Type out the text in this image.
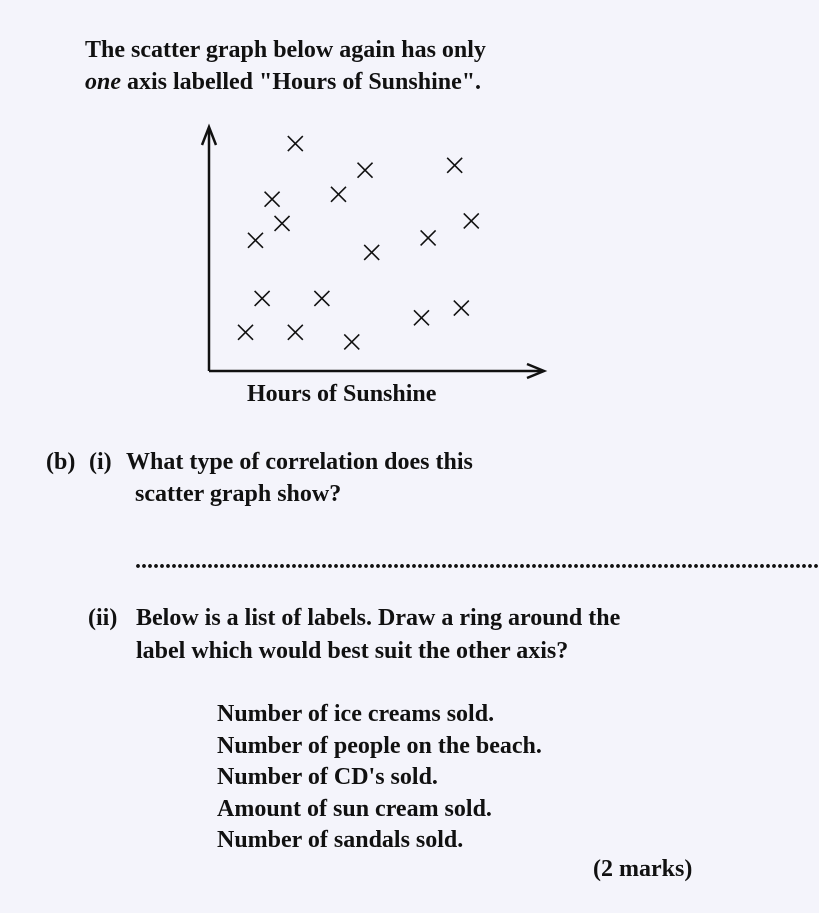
The scatter graph below again has only
one axis labelled "Hours of Sunshine".
Hours of Sunshine
(b) (i) What type of correlation does this
scatter graph show?
..................................................................................................................
(ii) Below is a list of labels. Draw a ring around the
label which would best suit the other axis?
Number of ice creams sold.
Number of people on the beach.
Number of CD's sold.
Amount of sun cream sold.
Number of sandals sold.
(2 marks)
